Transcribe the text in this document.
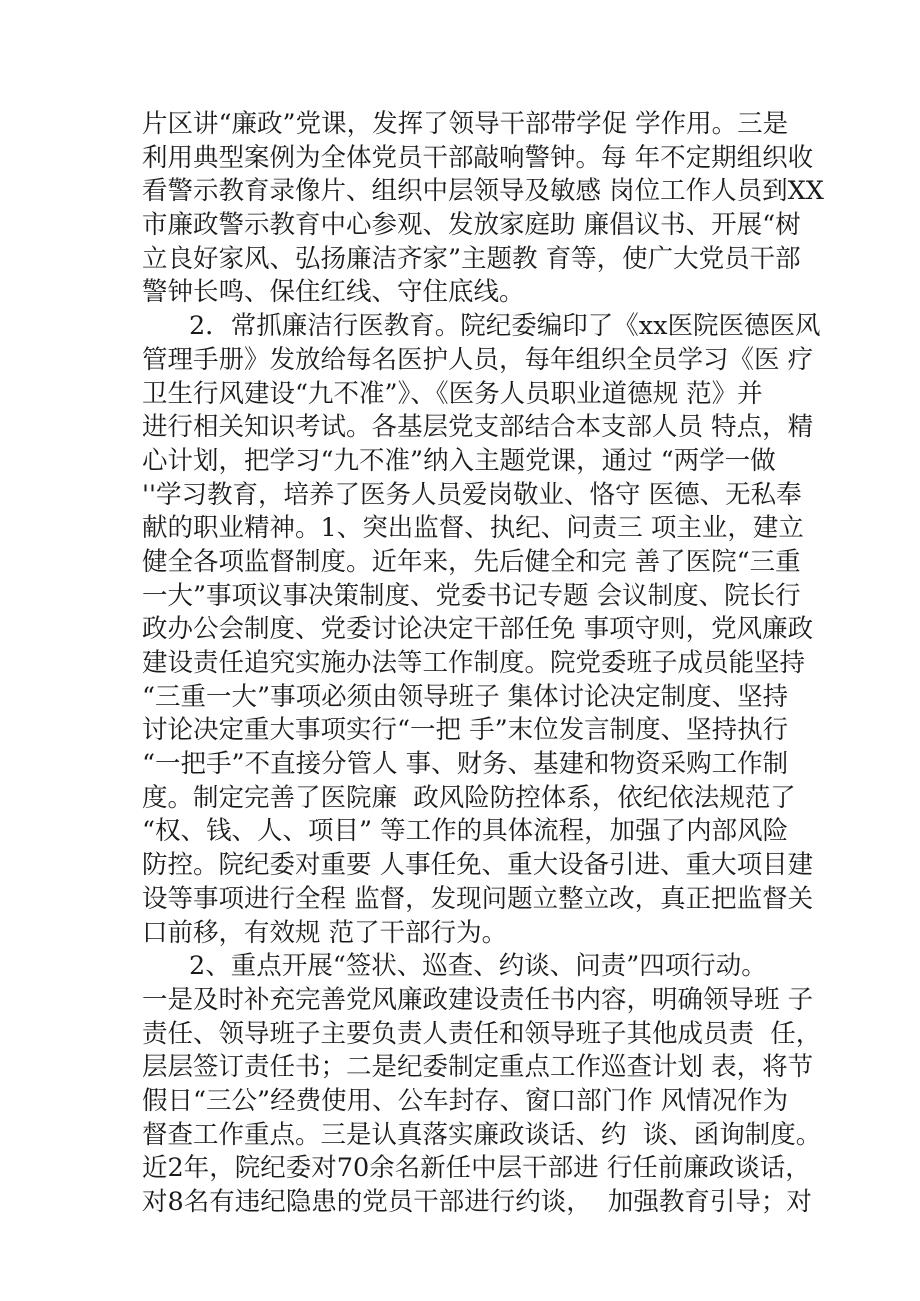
片区讲“廉政”党课，发挥了领导干部带学促 学作用。三是
利用典型案例为全体党员干部敲响警钟。每 年不定期组织收
看警示教育录像片、组织中层领导及敏感 岗位工作人员到XX
市廉政警示教育中心参观、发放家庭助 廉倡议书、开展“树
立良好家风、弘扬廉洁齐家”主题教 育等，使广大党员干部
警钟长鸣、保住红线、守住底线。
2．常抓廉洁行医教育。院纪委编印了《xx医院医德医风
管理手册》发放给每名医护人员，每年组织全员学习《医 疗
卫生行风建设“九不准”》、《医务人员职业道德规 范》并
进行相关知识考试。各基层党支部结合本支部人员 特点，精
心计划，把学习“九不准”纳入主题党课，通过 “两学一做
''学习教育，培养了医务人员爱岗敬业、恪守 医德、无私奉
献的职业精神。1、突出监督、执纪、问责三 项主业，建立
健全各项监督制度。近年来，先后健全和完 善了医院“三重
一大”事项议事决策制度、党委书记专题 会议制度、院长行
政办公会制度、党委讨论决定干部任免 事项守则，党风廉政
建设责任追究实施办法等工作制度。院党委班子成员能坚持
“三重一大”事项必须由领导班子 集体讨论决定制度、坚持
讨论决定重大事项实行“一把 手”末位发言制度、坚持执行
“一把手”不直接分管人 事、财务、基建和物资采购工作制
度。制定完善了医院廉  政风险防控体系，依纪依法规范了
“权、钱、人、项目” 等工作的具体流程，加强了内部风险
防控。院纪委对重要 人事任免、重大设备引进、重大项目建
设等事项进行全程 监督，发现问题立整立改，真正把监督关
口前移，有效规 范了干部行为。
2、重点开展“签状、巡查、约谈、问责”四项行动。
一是及时补充完善党风廉政建设责任书内容，明确领导班 子
责任、领导班子主要负责人责任和领导班子其他成员责  任，
层层签订责任书；二是纪委制定重点工作巡查计划 表，将节
假日“三公”经费使用、公车封存、窗口部门作 风情况作为
督查工作重点。三是认真落实廉政谈话、约  谈、函询制度。
近2年，院纪委对70余名新任中层干部进 行任前廉政谈话，
对8名有违纪隐患的党员干部进行约谈，  加强教育引导；对
